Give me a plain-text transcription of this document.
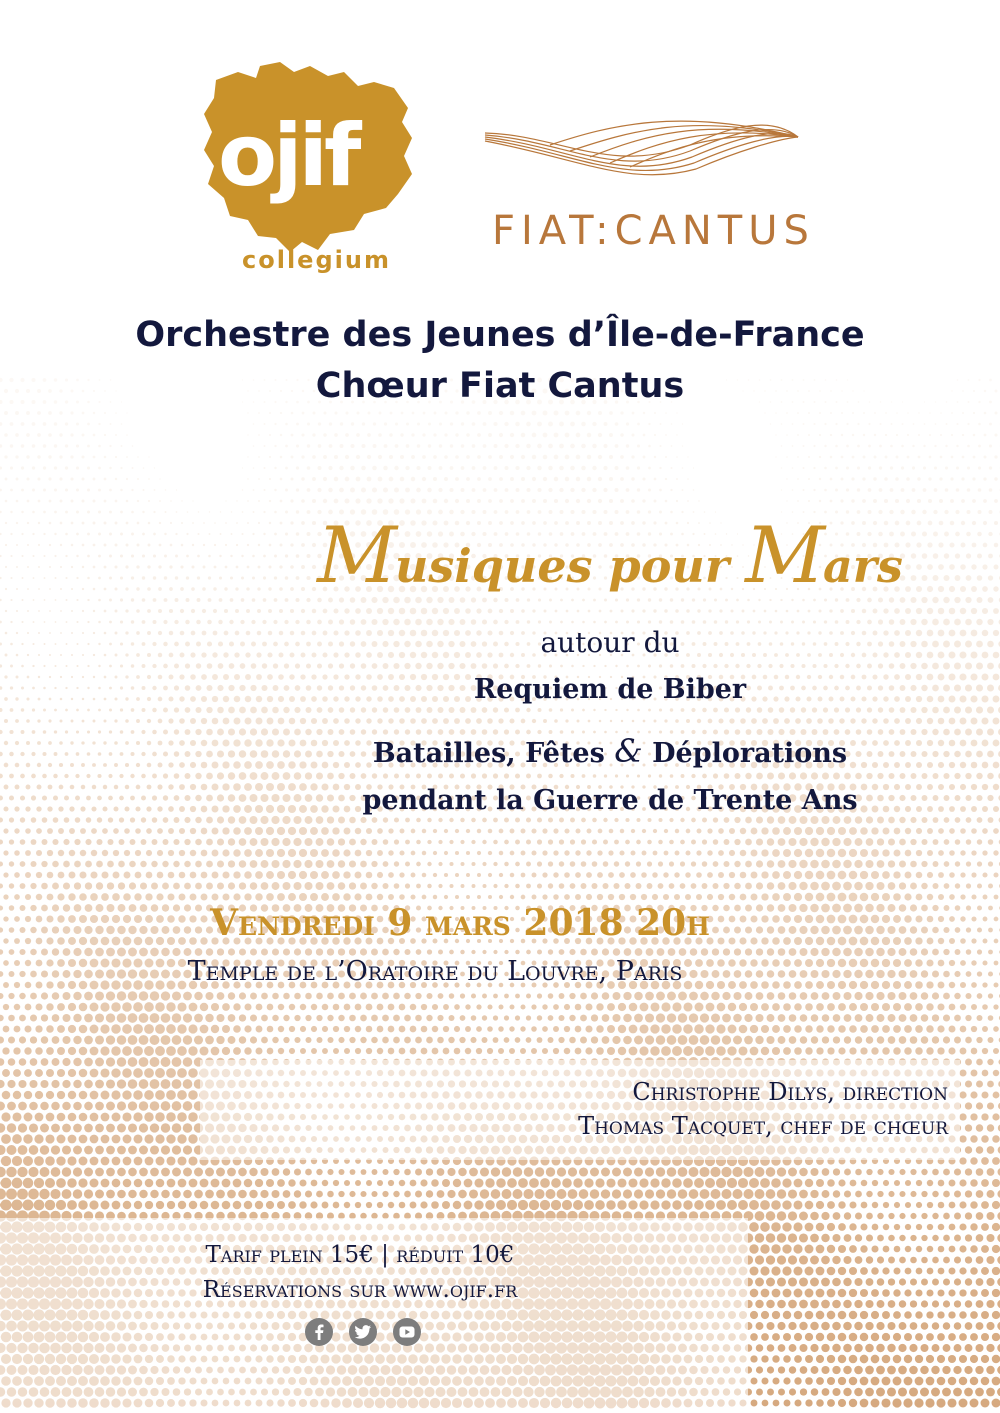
ojif
collegium
FIAT:CANTUS
Orchestre des Jeunes d’Île-de-France
Chœur Fiat Cantus
Musiques pour Mars
autour du
Requiem de Biber
Batailles, Fêtes & Déplorations
pendant la Guerre de Trente Ans
Vendredi 9 mars 2018 20h
Temple de l’Oratoire du Louvre, Paris
Christophe Dilys, direction
Thomas Tacquet, chef de chœur
Tarif plein 15€ | réduit 10€
Réservations sur www.ojif.fr
